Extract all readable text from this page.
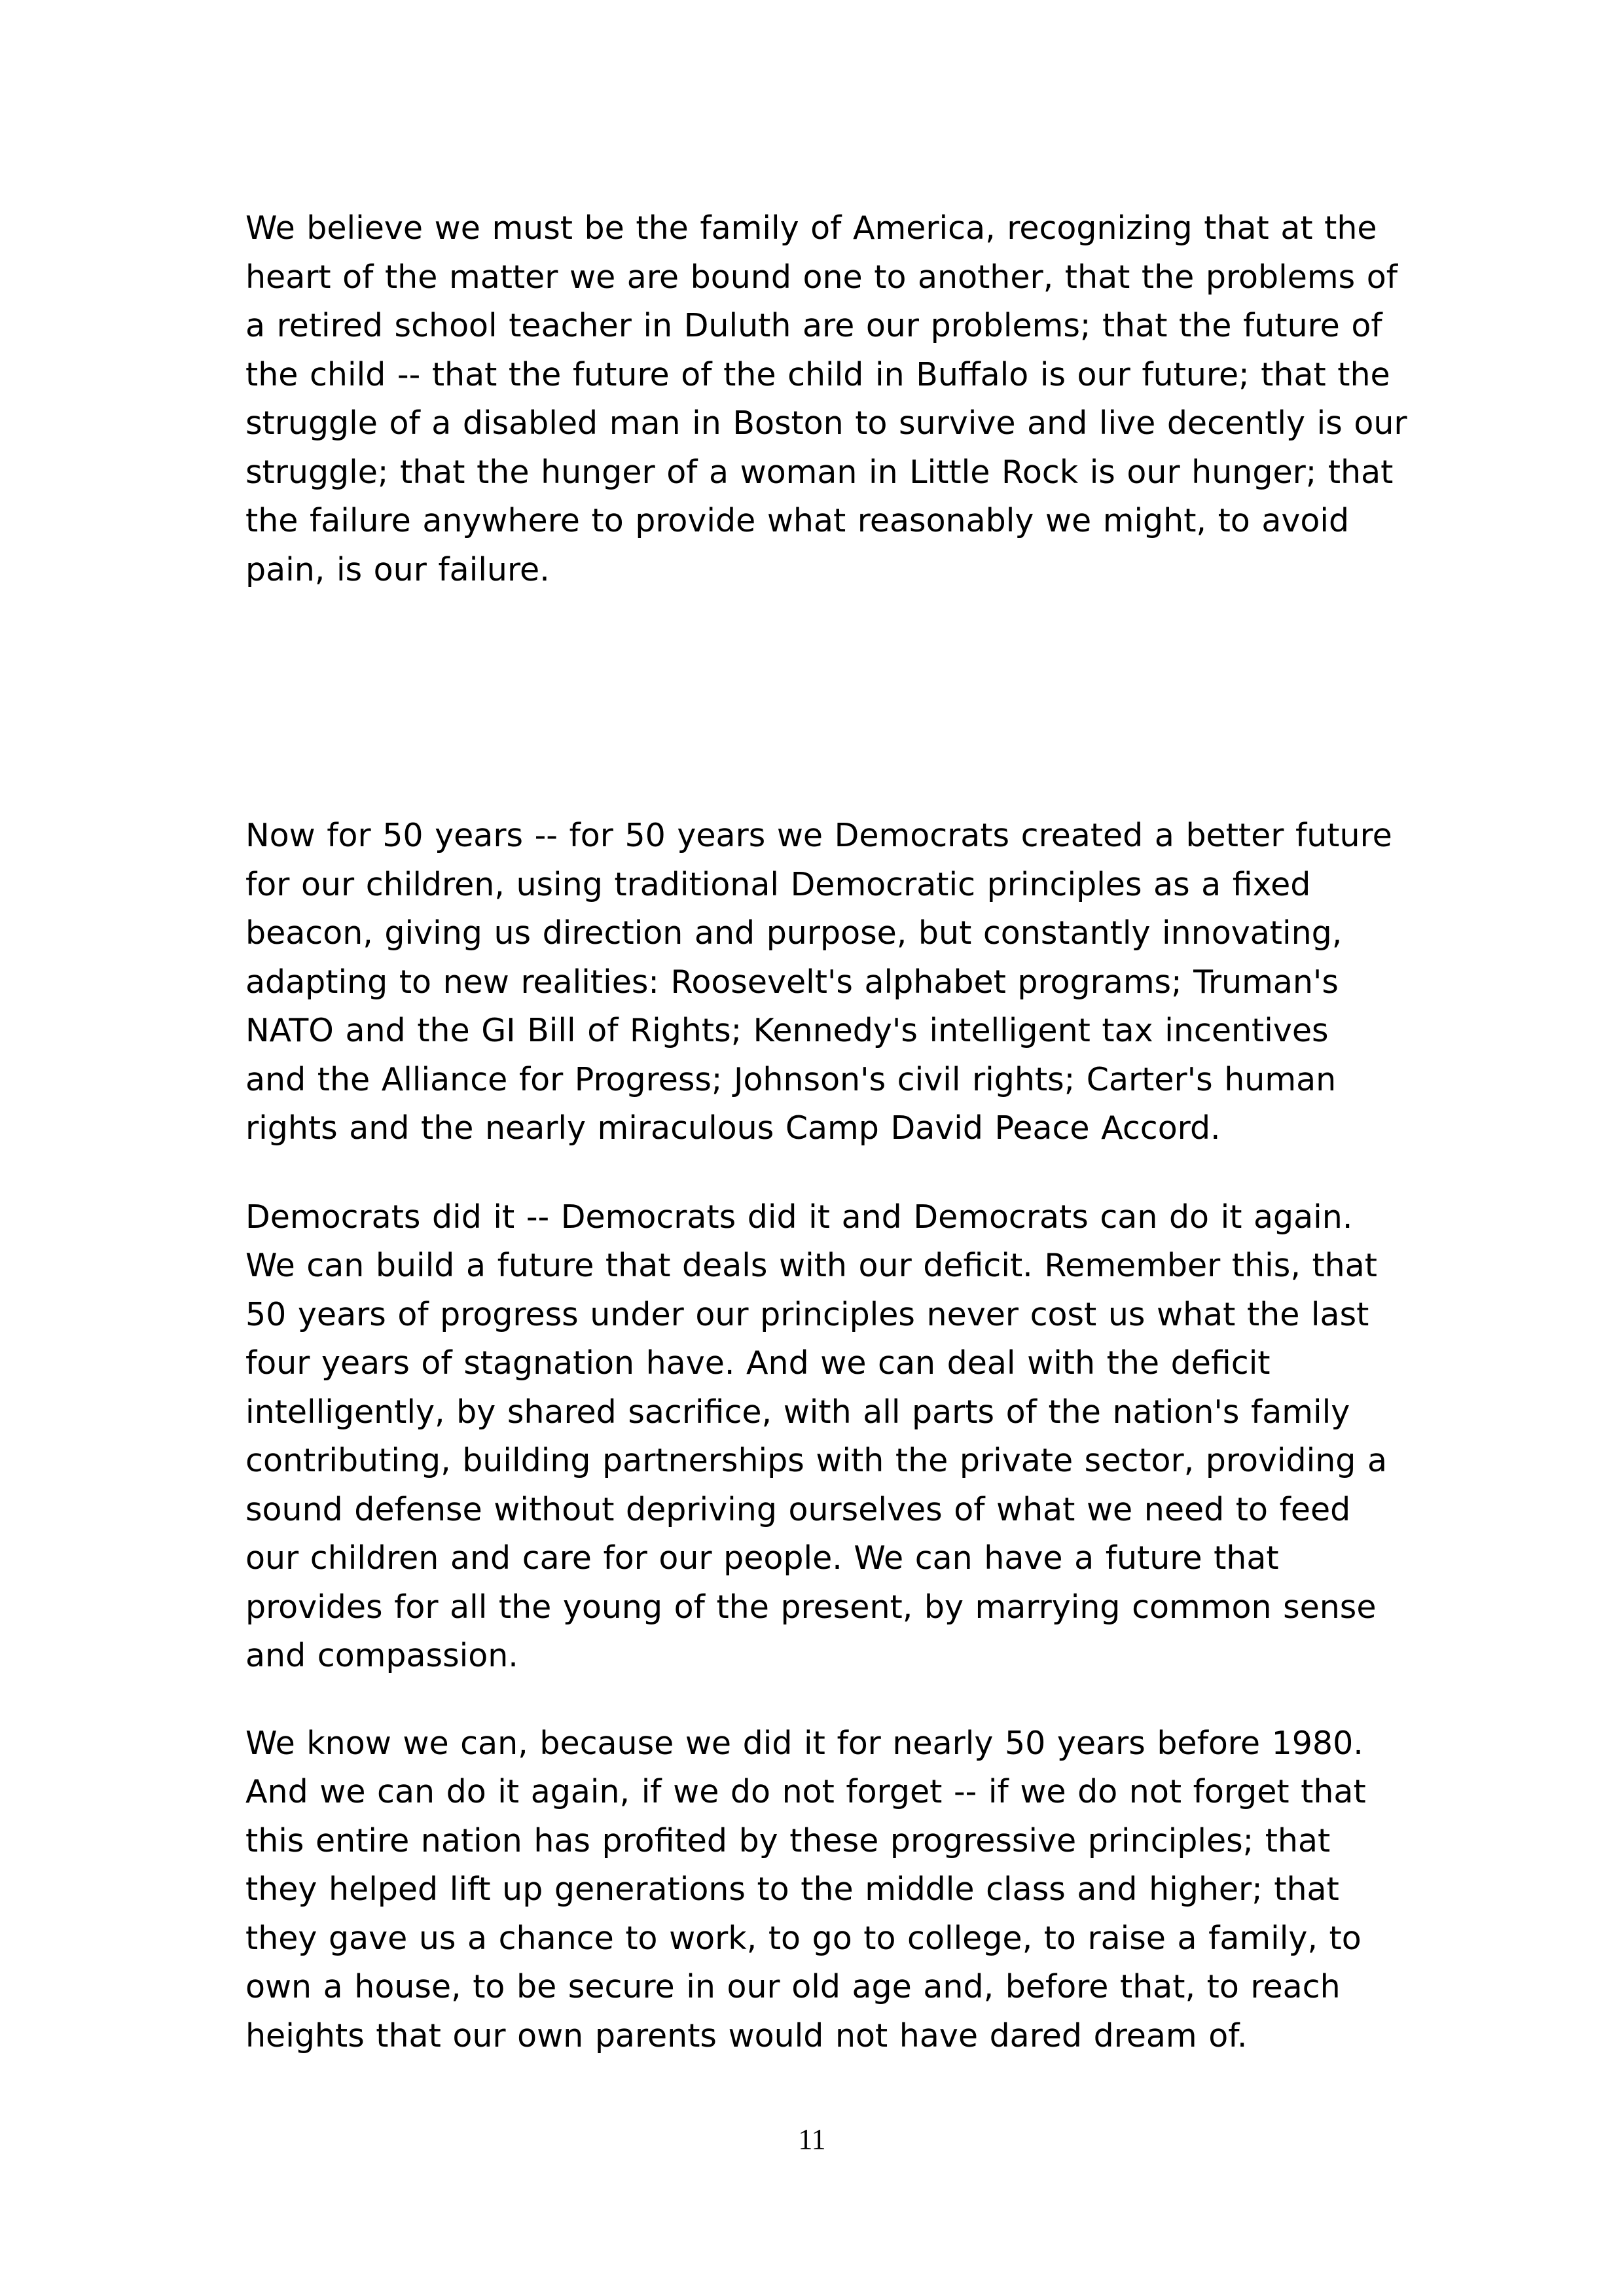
We believe we must be the family of America, recognizing that at the
heart of the matter we are bound one to another, that the problems of
a retired school teacher in Duluth are our problems; that the future of
the child -- that the future of the child in Buffalo is our future; that the
struggle of a disabled man in Boston to survive and live decently is our
struggle; that the hunger of a woman in Little Rock is our hunger; that
the failure anywhere to provide what reasonably we might, to avoid
pain, is our failure.
Now for 50 years -- for 50 years we Democrats created a better future
for our children, using traditional Democratic principles as a fixed
beacon, giving us direction and purpose, but constantly innovating,
adapting to new realities: Roosevelt's alphabet programs; Truman's
NATO and the GI Bill of Rights; Kennedy's intelligent tax incentives
and the Alliance for Progress; Johnson's civil rights; Carter's human
rights and the nearly miraculous Camp David Peace Accord.
Democrats did it -- Democrats did it and Democrats can do it again.
We can build a future that deals with our deficit. Remember this, that
50 years of progress under our principles never cost us what the last
four years of stagnation have. And we can deal with the deficit
intelligently, by shared sacrifice, with all parts of the nation's family
contributing, building partnerships with the private sector, providing a
sound defense without depriving ourselves of what we need to feed
our children and care for our people. We can have a future that
provides for all the young of the present, by marrying common sense
and compassion.
We know we can, because we did it for nearly 50 years before 1980.
And we can do it again, if we do not forget -- if we do not forget that
this entire nation has profited by these progressive principles; that
they helped lift up generations to the middle class and higher; that
they gave us a chance to work, to go to college, to raise a family, to
own a house, to be secure in our old age and, before that, to reach
heights that our own parents would not have dared dream of.
11
